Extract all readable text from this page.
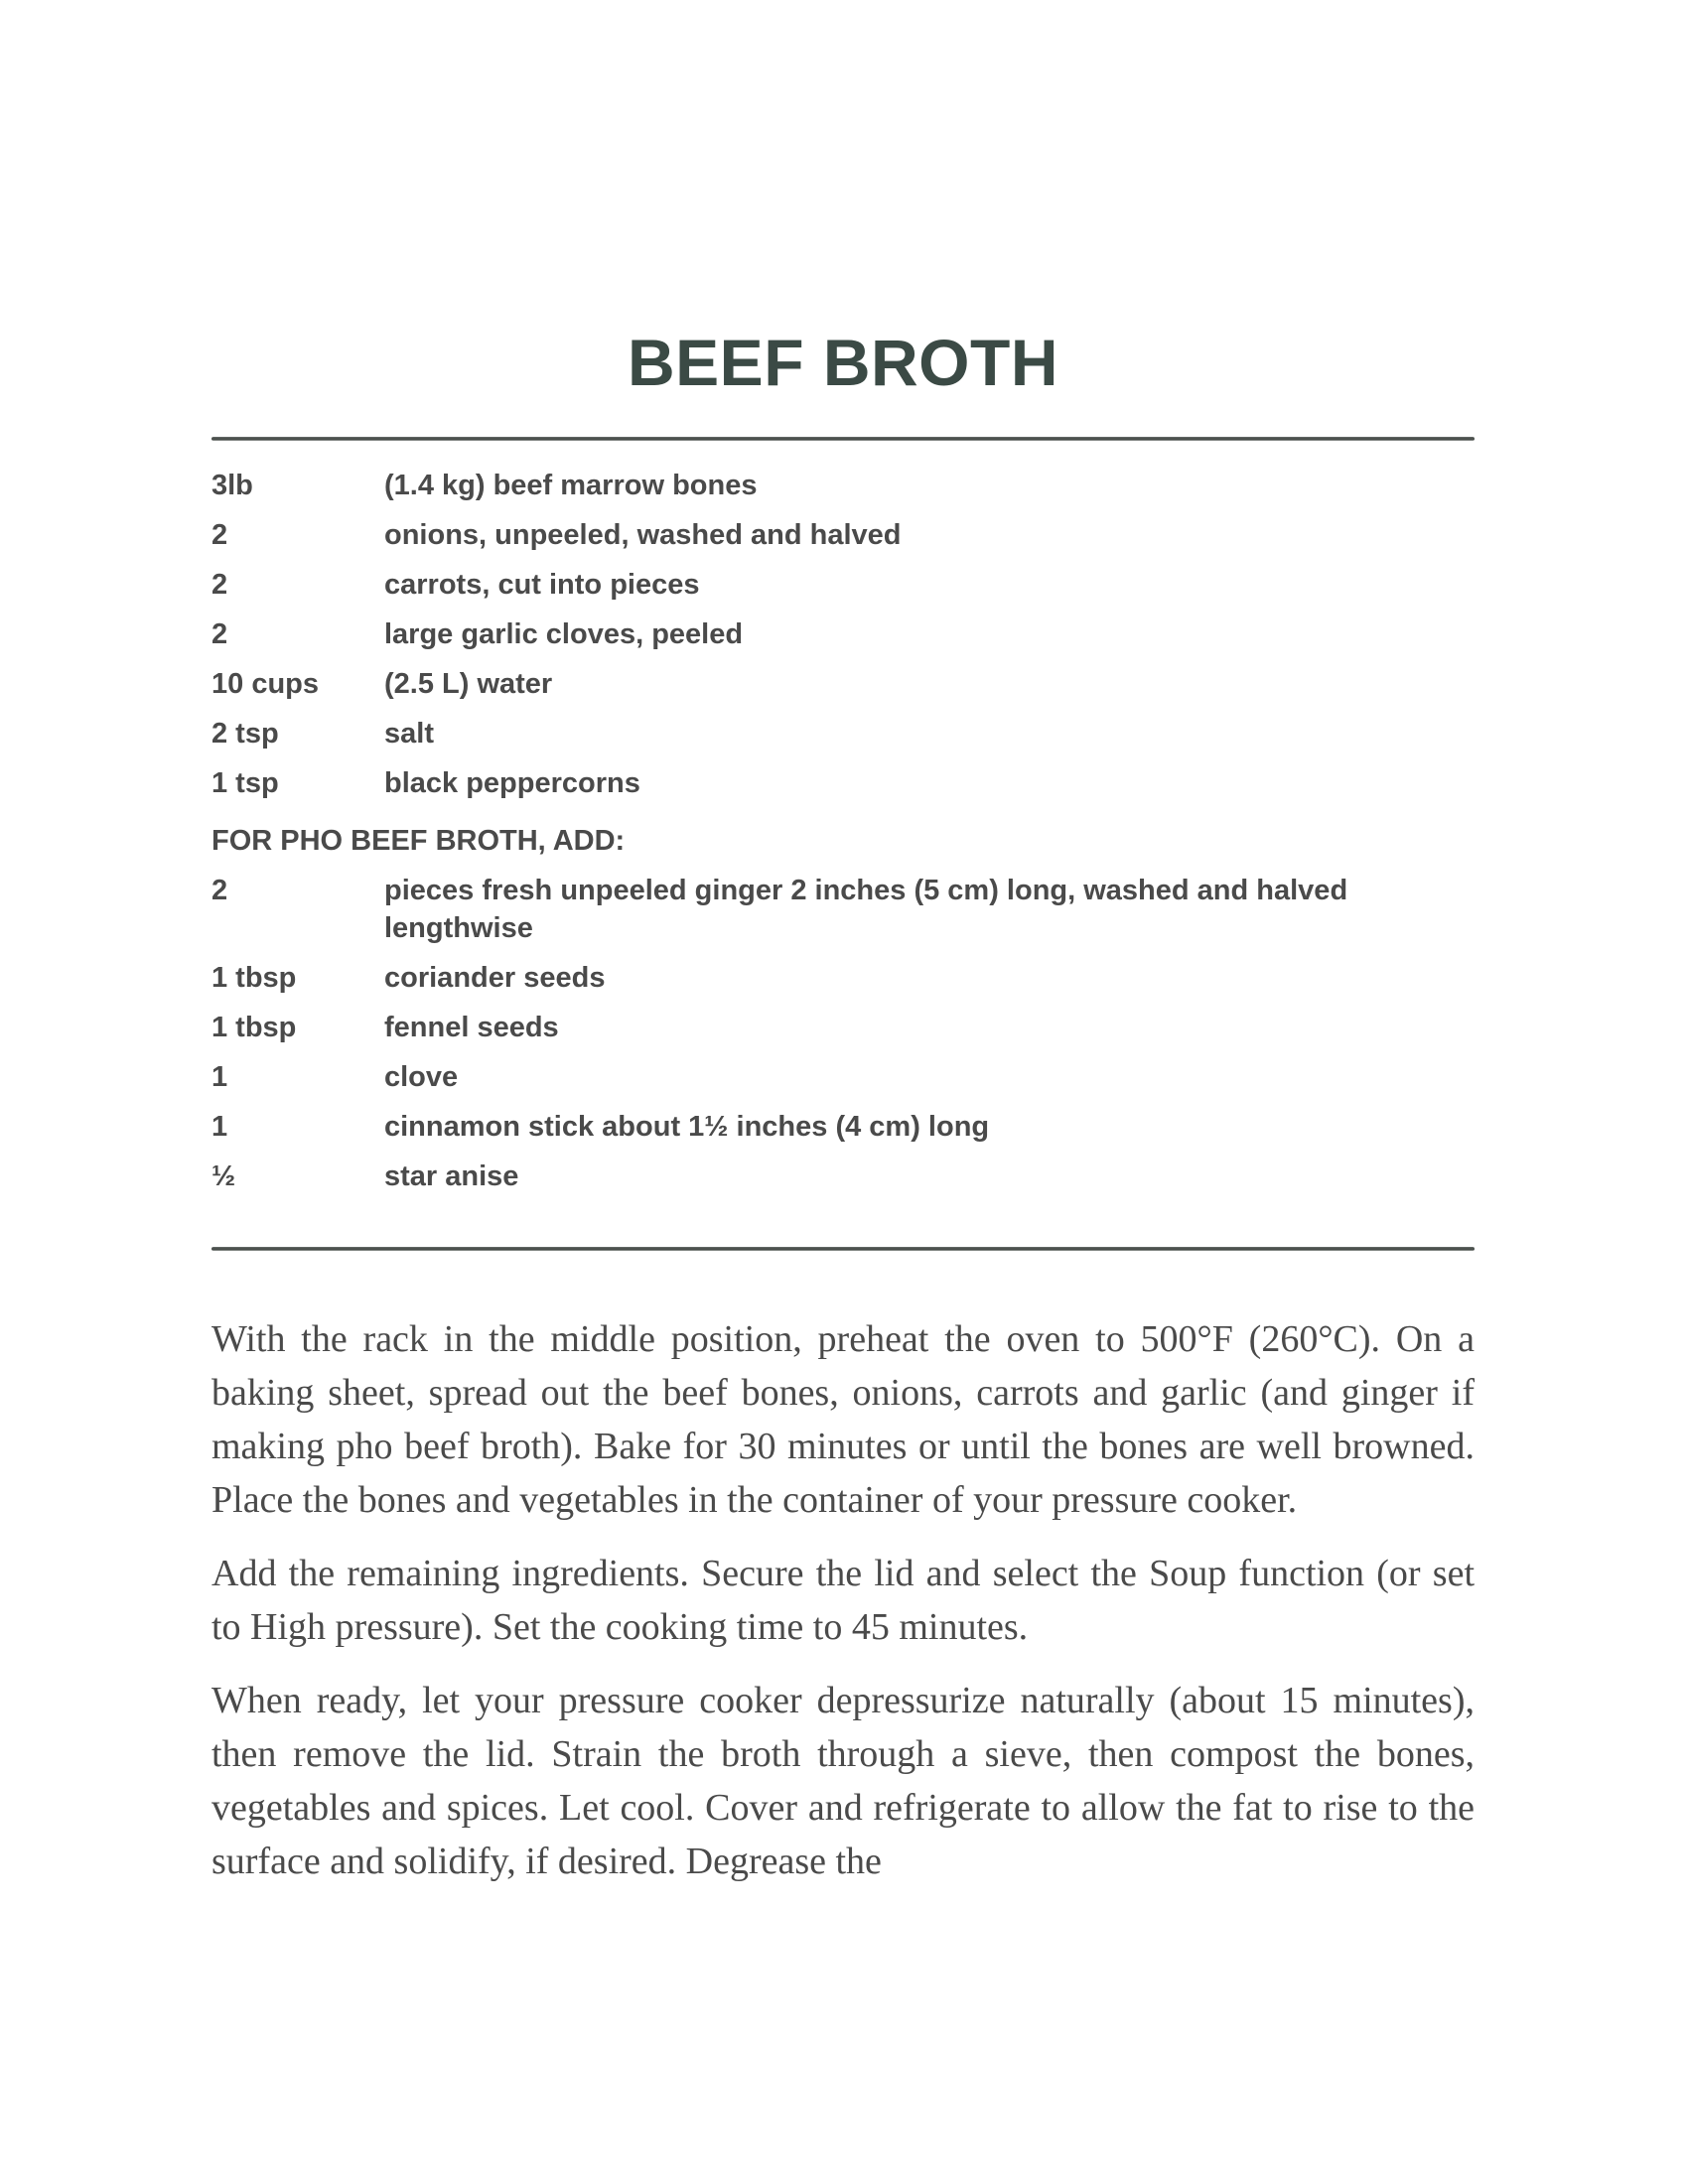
BEEF BROTH
3lb	(1.4 kg) beef marrow bones
2	onions, unpeeled, washed and halved
2	carrots, cut into pieces
2	large garlic cloves, peeled
10 cups	(2.5 L) water
2 tsp	salt
1 tsp	black peppercorns
FOR PHO BEEF BROTH, ADD:
2	pieces fresh unpeeled ginger 2 inches (5 cm) long, washed and halved lengthwise
1 tbsp	coriander seeds
1 tbsp	fennel seeds
1	clove
1	cinnamon stick about 1½ inches (4 cm) long
½	star anise

With the rack in the middle position, preheat the oven to 500°F (260°C). On a baking sheet, spread out the beef bones, onions, carrots and garlic (and ginger if making pho beef broth). Bake for 30 minutes or until the bones are well browned. Place the bones and vegetables in the container of your pressure cooker.

Add the remaining ingredients. Secure the lid and select the Soup function (or set to High pressure). Set the cooking time to 45 minutes.

When ready, let your pressure cooker depressurize naturally (about 15 minutes), then remove the lid. Strain the broth through a sieve, then compost the bones, vegetables and spices. Let cool. Cover and refrigerate to allow the fat to rise to the surface and solidify, if desired. Degrease the
